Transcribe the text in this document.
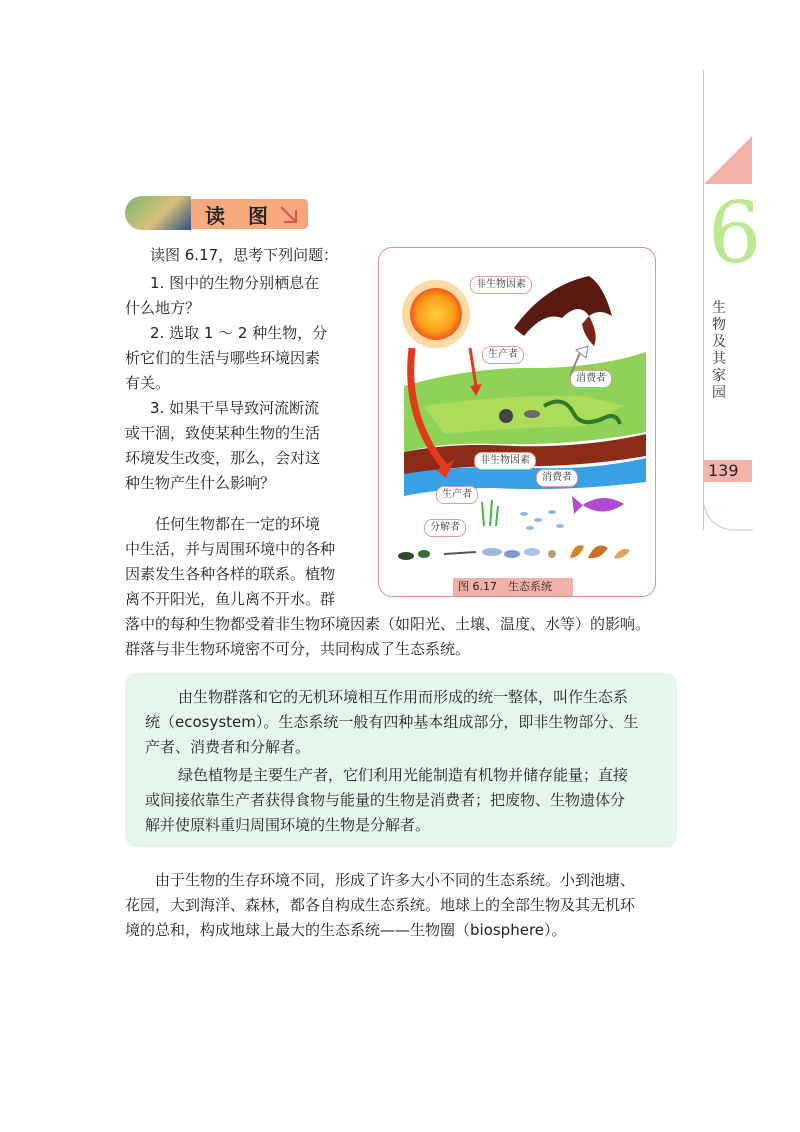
6
生物及其家园
139
读 图
读图 6.17，思考下列问题：
1. 图中的生物分别栖息在
什么地方？
2. 选取 1 ～ 2 种生物，分
析它们的生活与哪些环境因素
有关。
3. 如果干旱导致河流断流
或干涸，致使某种生物的生活
环境发生改变，那么，会对这
种生物产生什么影响？
任何生物都在一定的环境
中生活，并与周围环境中的各种
因素发生各种各样的联系。植物
离不开阳光，鱼儿离不开水。群
落中的每种生物都受着非生物环境因素（如阳光、土壤、温度、水等）的影响。
群落与非生物环境密不可分，共同构成了生态系统。
非生物因素
生产者
消费者
非生物因素
消费者
生产者
分解者
图 6.17　生态系统
由生物群落和它的无机环境相互作用而形成的统一整体，叫作生态系
统（ecosystem）。生态系统一般有四种基本组成部分，即非生物部分、生
产者、消费者和分解者。
绿色植物是主要生产者，它们利用光能制造有机物并储存能量；直接
或间接依靠生产者获得食物与能量的生物是消费者；把废物、生物遗体分
解并使原料重归周围环境的生物是分解者。
由于生物的生存环境不同，形成了许多大小不同的生态系统。小到池塘、
花园，大到海洋、森林，都各自构成生态系统。地球上的全部生物及其无机环
境的总和，构成地球上最大的生态系统——生物圈（biosphere）。
